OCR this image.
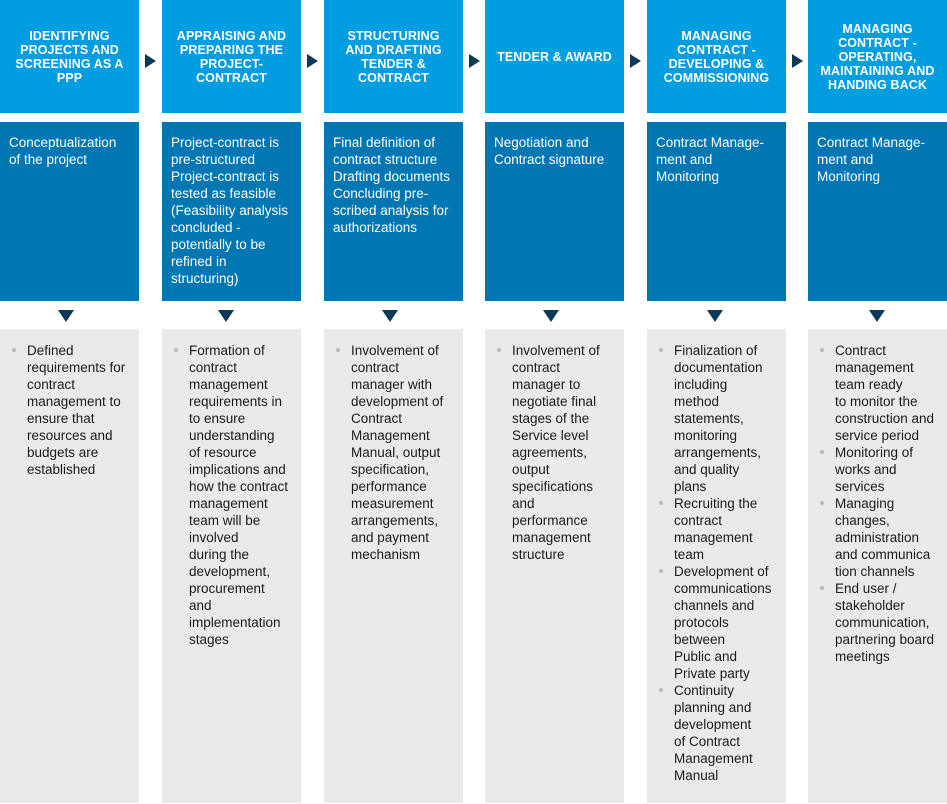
IDENTIFYING
PROJECTS AND
SCREENING AS A
PPP
Conceptualization
of the project
Defined
requirements for
contract
management to
ensure that
resources and
budgets are
established
APPRAISING AND
PREPARING THE
PROJECT-CONTRACT
Project-contract is
pre-structured
Project-contract is
tested as feasible
(Feasibility analysis
concluded -
potentially to be
refined in
structuring)
Formation of
contract
management
requirements in
to ensure
understanding
of resource
implications and
how the contract
management
team will be
involved
during the
development,
procurement
and
implementation
stages
STRUCTURING
AND DRAFTING
TENDER &
CONTRACT
Final definition of
contract structure
Drafting documents
Concluding pre-
scribed analysis for
authorizations
Involvement of
contract
manager with
development of
Contract
Management
Manual, output
specification,
performance
measurement
arrangements,
and payment
mechanism
TENDER & AWARD
Negotiation and
Contract signature
Involvement of
contract
manager to
negotiate final
stages of the
Service level
agreements,
output
specifications
and
performance
management
structure
MANAGING
CONTRACT -
DEVELOPING &
COMMISSIONING
Contract Manage-
ment and
Monitoring
Finalization of
documentation
including
method
statements,
monitoring
arrangements,
and quality
plans
Recruiting the
contract
management
team
Development of
communications
channels and
protocols
between
Public and
Private party
Continuity
planning and
development
of Contract
Management
Manual
MANAGING
CONTRACT -
OPERATING,
MAINTAINING AND
HANDING BACK
Contract Manage-
ment and
Monitoring
Contract
management
team ready
to monitor the
construction and
service period
Monitoring of
works and
services
Managing
changes,
administration
and communica
tion channels
End user /
stakeholder
communication,
partnering board
meetings
